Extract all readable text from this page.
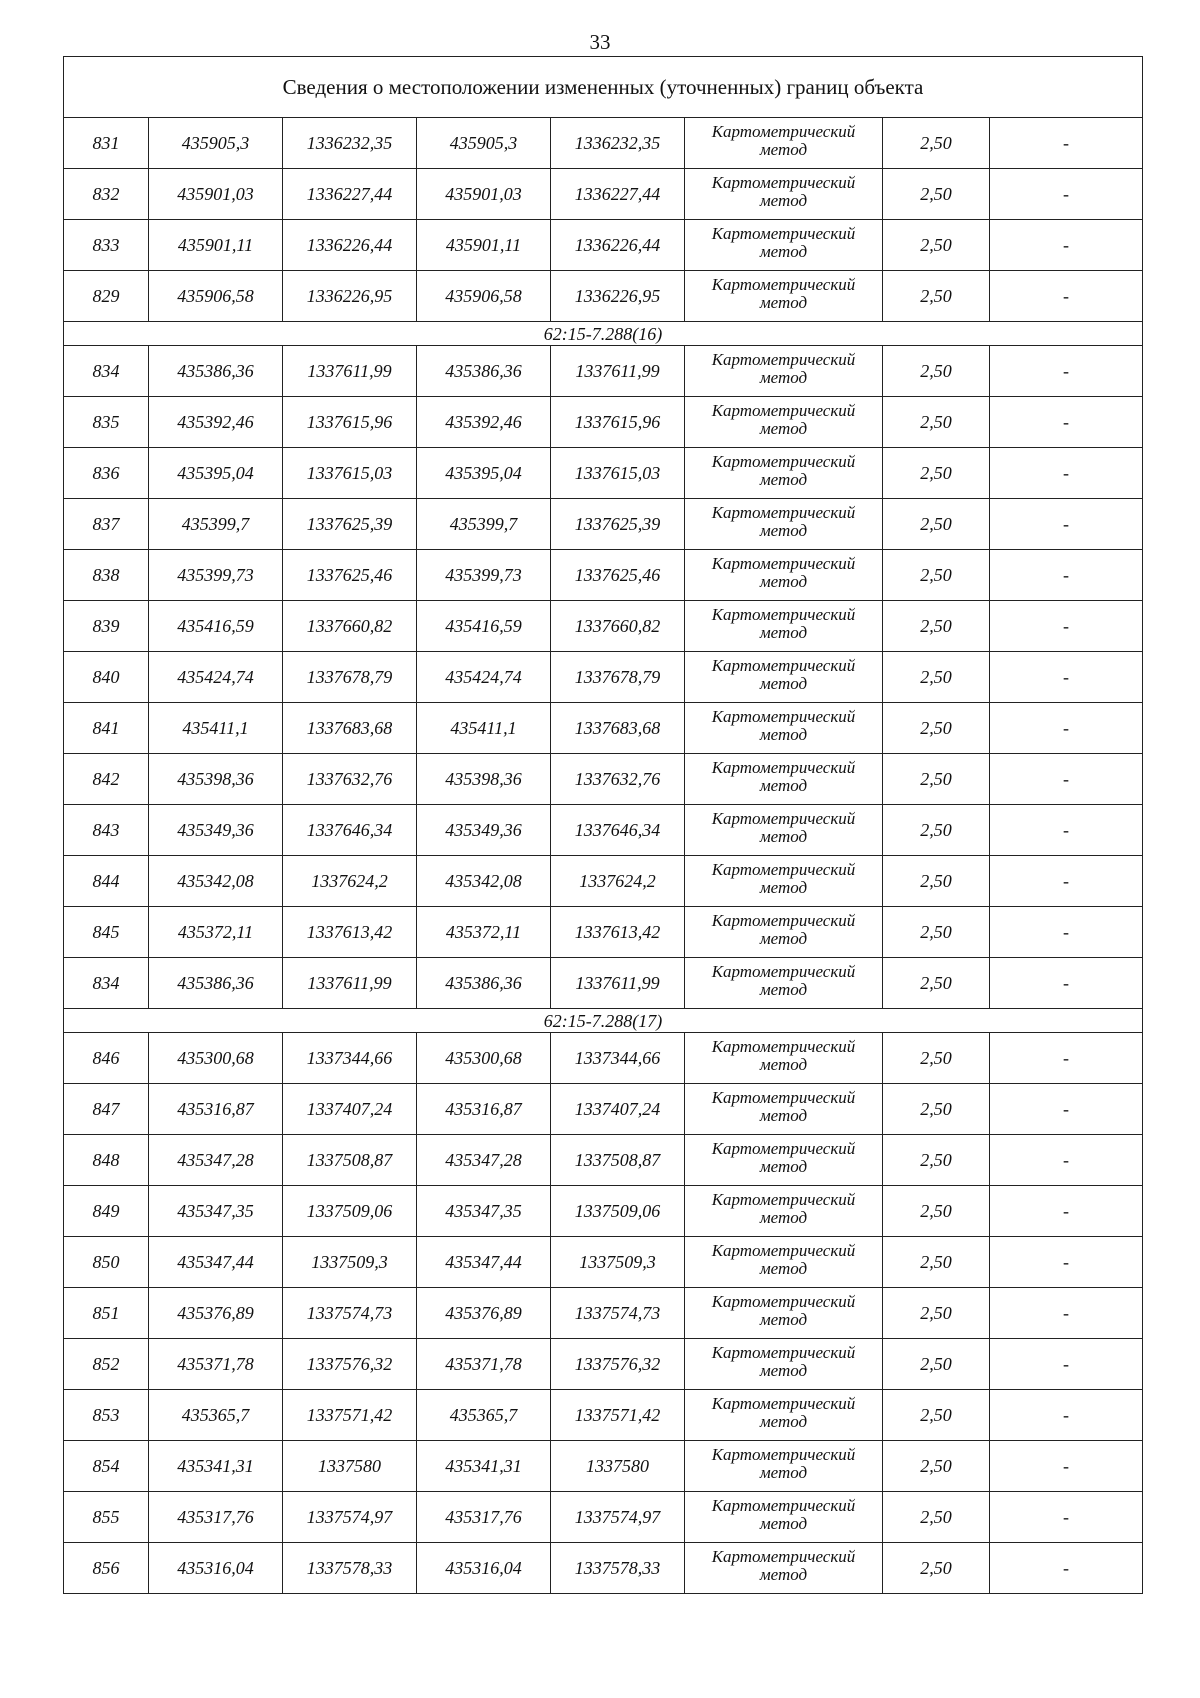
33
Сведения о местоположении измененных (уточненных) границ объекта							
831	435905,3	1336232,35	435905,3	1336232,35	Картометрический
метод	2,50	-
832	435901,03	1336227,44	435901,03	1336227,44	Картометрический
метод	2,50	-
833	435901,11	1336226,44	435901,11	1336226,44	Картометрический
метод	2,50	-
829	435906,58	1336226,95	435906,58	1336226,95	Картометрический
метод	2,50	-
62:15-7.288(16)							
834	435386,36	1337611,99	435386,36	1337611,99	Картометрический
метод	2,50	-
835	435392,46	1337615,96	435392,46	1337615,96	Картометрический
метод	2,50	-
836	435395,04	1337615,03	435395,04	1337615,03	Картометрический
метод	2,50	-
837	435399,7	1337625,39	435399,7	1337625,39	Картометрический
метод	2,50	-
838	435399,73	1337625,46	435399,73	1337625,46	Картометрический
метод	2,50	-
839	435416,59	1337660,82	435416,59	1337660,82	Картометрический
метод	2,50	-
840	435424,74	1337678,79	435424,74	1337678,79	Картометрический
метод	2,50	-
841	435411,1	1337683,68	435411,1	1337683,68	Картометрический
метод	2,50	-
842	435398,36	1337632,76	435398,36	1337632,76	Картометрический
метод	2,50	-
843	435349,36	1337646,34	435349,36	1337646,34	Картометрический
метод	2,50	-
844	435342,08	1337624,2	435342,08	1337624,2	Картометрический
метод	2,50	-
845	435372,11	1337613,42	435372,11	1337613,42	Картометрический
метод	2,50	-
834	435386,36	1337611,99	435386,36	1337611,99	Картометрический
метод	2,50	-
62:15-7.288(17)							
846	435300,68	1337344,66	435300,68	1337344,66	Картометрический
метод	2,50	-
847	435316,87	1337407,24	435316,87	1337407,24	Картометрический
метод	2,50	-
848	435347,28	1337508,87	435347,28	1337508,87	Картометрический
метод	2,50	-
849	435347,35	1337509,06	435347,35	1337509,06	Картометрический
метод	2,50	-
850	435347,44	1337509,3	435347,44	1337509,3	Картометрический
метод	2,50	-
851	435376,89	1337574,73	435376,89	1337574,73	Картометрический
метод	2,50	-
852	435371,78	1337576,32	435371,78	1337576,32	Картометрический
метод	2,50	-
853	435365,7	1337571,42	435365,7	1337571,42	Картометрический
метод	2,50	-
854	435341,31	1337580	435341,31	1337580	Картометрический
метод	2,50	-
855	435317,76	1337574,97	435317,76	1337574,97	Картометрический
метод	2,50	-
856	435316,04	1337578,33	435316,04	1337578,33	Картометрический
метод	2,50	-
